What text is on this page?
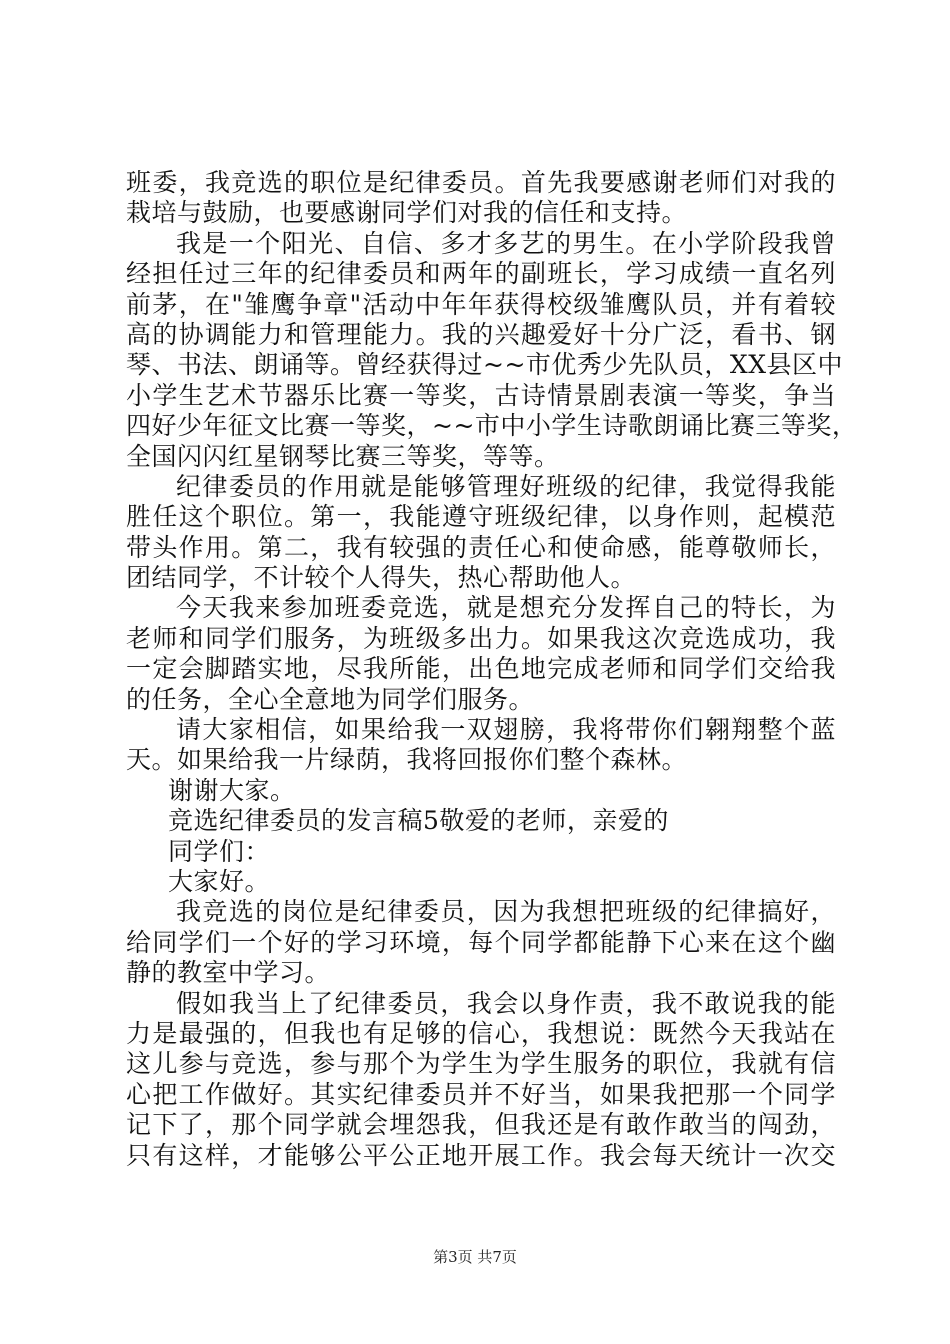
班委，我竞选的职位是纪律委员。首先我要感谢老师们对我的
栽培与鼓励，也要感谢同学们对我的信任和支持。
我是一个阳光、自信、多才多艺的男生。在小学阶段我曾
经担任过三年的纪律委员和两年的副班长，学习成绩一直名列
前茅，在"雏鹰争章"活动中年年获得校级雏鹰队员，并有着较
高的协调能力和管理能力。我的兴趣爱好十分广泛，看书、钢
琴、书法、朗诵等。曾经获得过~~市优秀少先队员，XX县区中
小学生艺术节器乐比赛一等奖，古诗情景剧表演一等奖，争当
四好少年征文比赛一等奖，~~市中小学生诗歌朗诵比赛三等奖，
全国闪闪红星钢琴比赛三等奖，等等。
纪律委员的作用就是能够管理好班级的纪律，我觉得我能
胜任这个职位。第一，我能遵守班级纪律，以身作则，起模范
带头作用。第二，我有较强的责任心和使命感，能尊敬师长，
团结同学，不计较个人得失，热心帮助他人。
今天我来参加班委竞选，就是想充分发挥自己的特长，为
老师和同学们服务，为班级多出力。如果我这次竞选成功，我
一定会脚踏实地，尽我所能，出色地完成老师和同学们交给我
的任务，全心全意地为同学们服务。
请大家相信，如果给我一双翅膀，我将带你们翱翔整个蓝
天。如果给我一片绿荫，我将回报你们整个森林。
谢谢大家。
竞选纪律委员的发言稿5敬爱的老师，亲爱的
同学们：
大家好。
我竞选的岗位是纪律委员，因为我想把班级的纪律搞好，
给同学们一个好的学习环境，每个同学都能静下心来在这个幽
静的教室中学习。
假如我当上了纪律委员，我会以身作责，我不敢说我的能
力是最强的，但我也有足够的信心，我想说：既然今天我站在
这儿参与竞选，参与那个为学生为学生服务的职位，我就有信
心把工作做好。其实纪律委员并不好当，如果我把那一个同学
记下了，那个同学就会埋怨我，但我还是有敢作敢当的闯劲，
只有这样，才能够公平公正地开展工作。我会每天统计一次交
第3页 共7页
